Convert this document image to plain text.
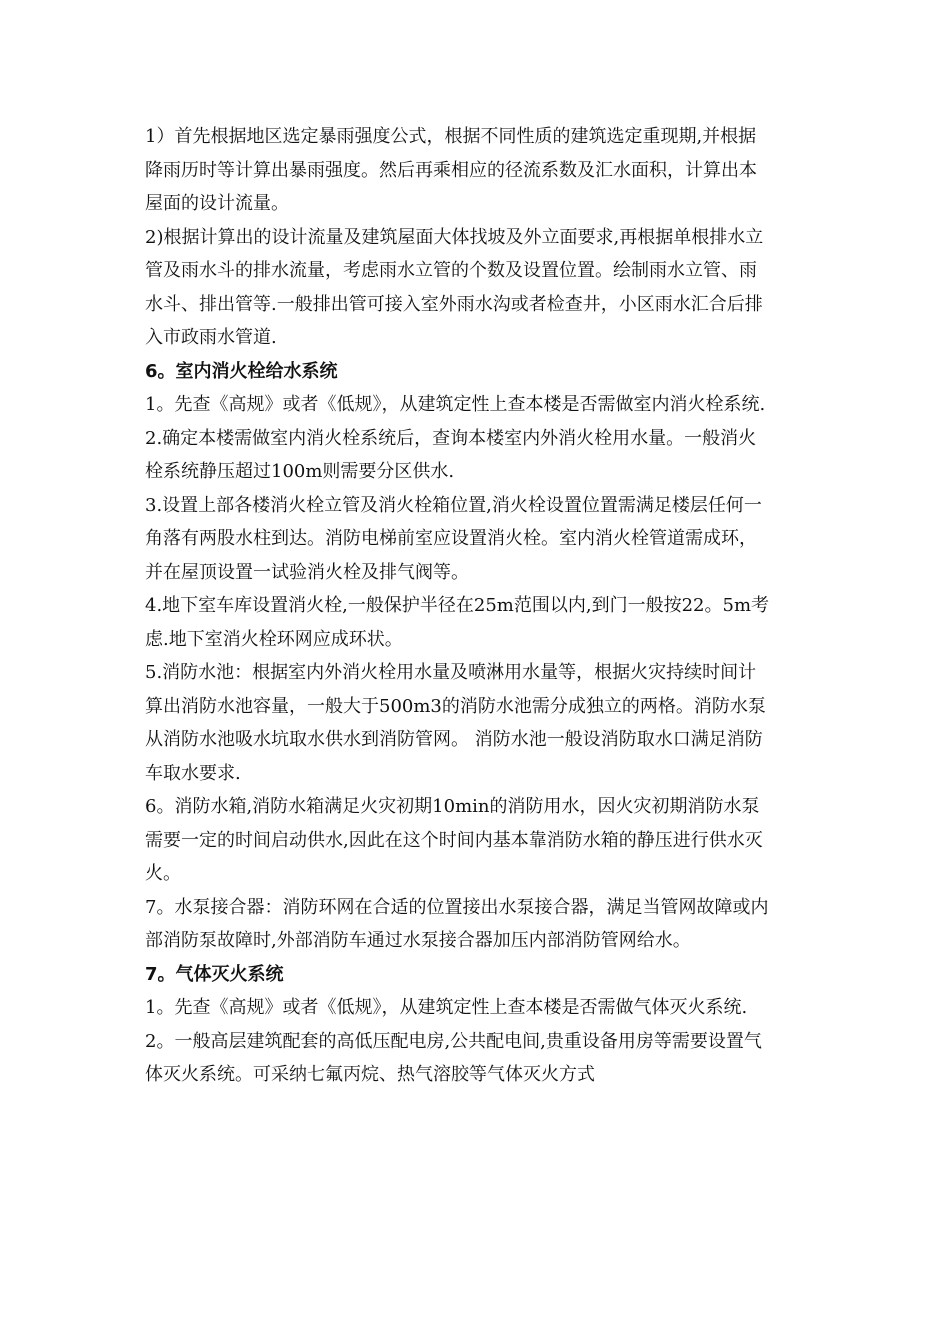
1）首先根据地区选定暴雨强度公式，根据不同性质的建筑选定重现期,并根据
降雨历时等计算出暴雨强度。然后再乘相应的径流系数及汇水面积，计算出本
屋面的设计流量。
2)根据计算出的设计流量及建筑屋面大体找坡及外立面要求,再根据单根排水立
管及雨水斗的排水流量，考虑雨水立管的个数及设置位置。绘制雨水立管、雨
水斗、排出管等.一般排出管可接入室外雨水沟或者检查井，小区雨水汇合后排
入市政雨水管道.
6。室内消火栓给水系统
1。先查《高规》或者《低规》，从建筑定性上查本楼是否需做室内消火栓系统.
2.确定本楼需做室内消火栓系统后，查询本楼室内外消火栓用水量。一般消火
栓系统静压超过100m则需要分区供水.
3.设置上部各楼消火栓立管及消火栓箱位置,消火栓设置位置需满足楼层任何一
角落有两股水柱到达。消防电梯前室应设置消火栓。室内消火栓管道需成环，
并在屋顶设置一试验消火栓及排气阀等。
4.地下室车库设置消火栓,一般保护半径在25m范围以内,到门一般按22。5m考
虑.地下室消火栓环网应成环状。
5.消防水池：根据室内外消火栓用水量及喷淋用水量等，根据火灾持续时间计
算出消防水池容量，一般大于500m3的消防水池需分成独立的两格。消防水泵
从消防水池吸水坑取水供水到消防管网。 消防水池一般设消防取水口满足消防
车取水要求.
6。消防水箱,消防水箱满足火灾初期10min的消防用水，因火灾初期消防水泵
需要一定的时间启动供水,因此在这个时间内基本靠消防水箱的静压进行供水灭
火。
7。水泵接合器：消防环网在合适的位置接出水泵接合器，满足当管网故障或内
部消防泵故障时,外部消防车通过水泵接合器加压内部消防管网给水。
7。气体灭火系统
1。先查《高规》或者《低规》，从建筑定性上查本楼是否需做气体灭火系统.
2。一般高层建筑配套的高低压配电房,公共配电间,贵重设备用房等需要设置气
体灭火系统。可采纳七氟丙烷、热气溶胶等气体灭火方式
